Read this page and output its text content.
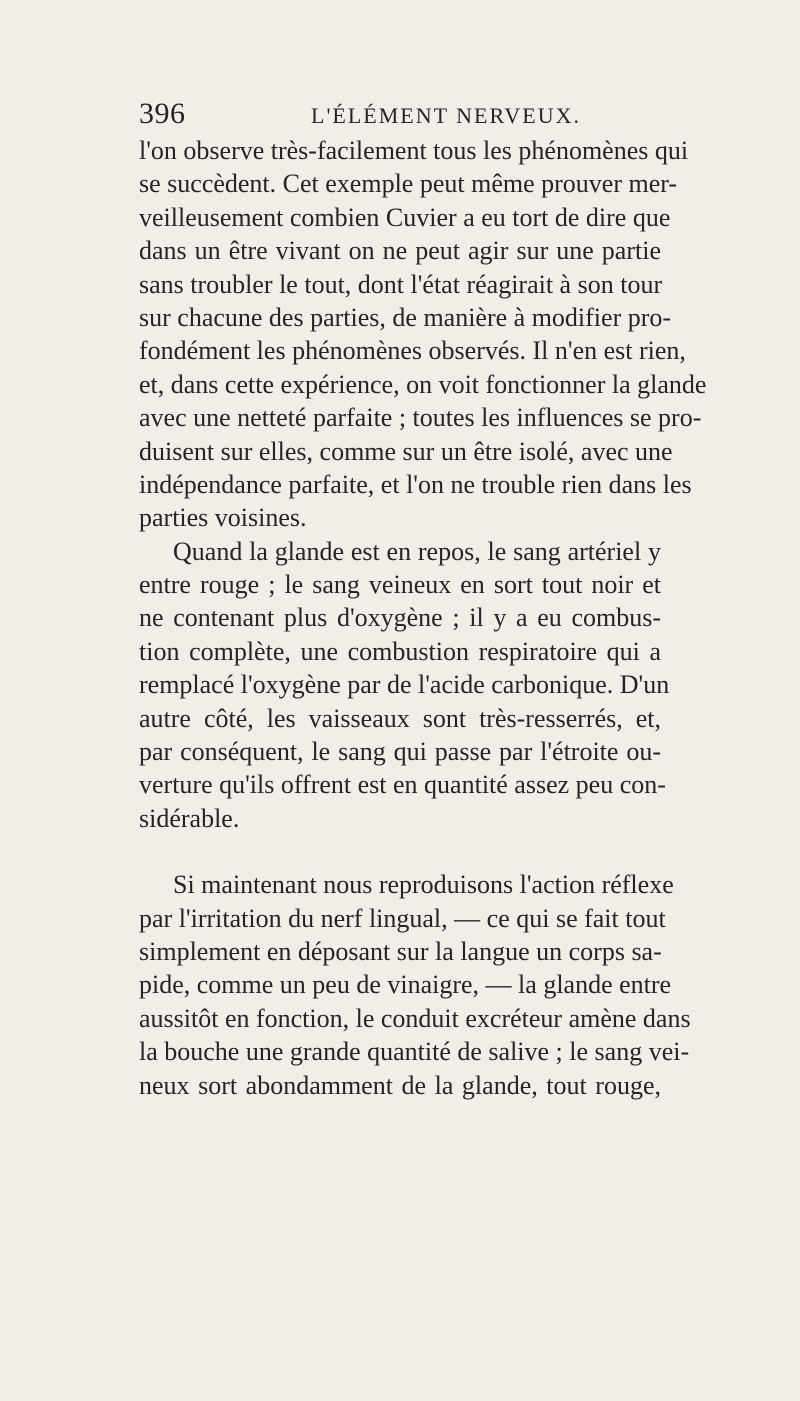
396	L'ÉLÉMENT NERVEUX.
l'on observe très-facilement tous les phénomènes qui
se succèdent. Cet exemple peut même prouver mer-
veilleusement combien Cuvier a eu tort de dire que
dans un être vivant on ne peut agir sur une partie
sans troubler le tout, dont l'état réagirait à son tour
sur chacune des parties, de manière à modifier pro-
fondément les phénomènes observés. Il n'en est rien,
et, dans cette expérience, on voit fonctionner la glande
avec une netteté parfaite ; toutes les influences se pro-
duisent sur elles, comme sur un être isolé, avec une
indépendance parfaite, et l'on ne trouble rien dans les
parties voisines.
Quand la glande est en repos, le sang artériel y
entre rouge ; le sang veineux en sort tout noir et
ne contenant plus d'oxygène ; il y a eu combus-
tion complète, une combustion respiratoire qui a
remplacé l'oxygène par de l'acide carbonique. D'un
autre côté, les vaisseaux sont très-resserrés, et,
par conséquent, le sang qui passe par l'étroite ou-
verture qu'ils offrent est en quantité assez peu con-
sidérable.
Si maintenant nous reproduisons l'action réflexe
par l'irritation du nerf lingual, — ce qui se fait tout
simplement en déposant sur la langue un corps sa-
pide, comme un peu de vinaigre, — la glande entre
aussitôt en fonction, le conduit excréteur amène dans
la bouche une grande quantité de salive ; le sang vei-
neux sort abondamment de la glande, tout rouge,
